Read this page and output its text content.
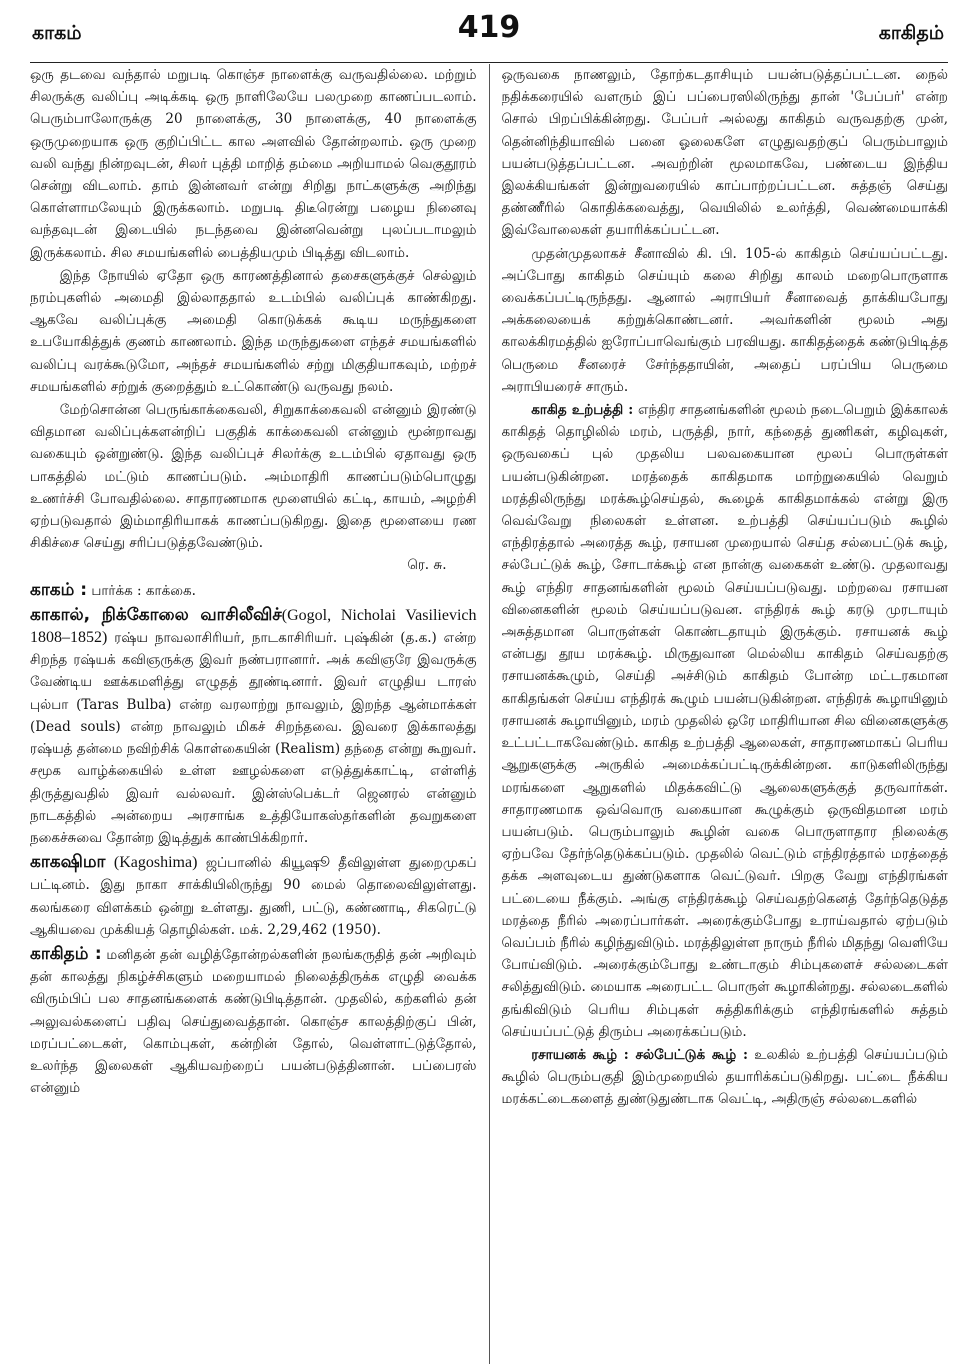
காகம்	419	காகிதம்

ஒரு தடவை வந்தால் மறுபடி கொஞ்ச நாளைக்கு வருவதில்லை. மற்றும் சிலருக்கு வலிப்பு அடிக்கடி ஒரு நாளிலேயே பலமுறை காணப்படலாம். பெரும்பாலோருக்கு 20 நாளைக்கு, 30 நாளைக்கு, 40 நாளைக்கு ஒருமுறையாக ஒரு குறிப்பிட்ட கால அளவில் தோன்றலாம். ஒரு முறை வலி வந்து நின்றவுடன், சிலர் புத்தி மாறித் தம்மை அறியாமல் வெகுதூரம் சென்று விடலாம். தாம் இன்னவர் என்று சிறிது நாட்களுக்கு அறிந்து கொள்ளாமலேயும் இருக்கலாம். மறுபடி திடீரென்று பழைய நினைவு வந்தவுடன் இடையில் நடந்தவை இன்னவென்று புலப்படாமலும் இருக்கலாம். சில சமயங்களில் பைத்தியமும் பிடித்து விடலாம்.

இந்த நோயில் ஏதோ ஒரு காரணத்தினால் தசைகளுக்குச் செல்லும் நரம்புகளில் அமைதி இல்லாததால் உடம்பில் வலிப்புக் காண்கிறது. ஆகவே வலிப்புக்கு அமைதி கொடுக்கக் கூடிய மருந்துகளை உபயோகித்துக் குணம் காணலாம். இந்த மருந்துகளை எந்தச் சமயங்களில் வலிப்பு வரக்கூடுமோ, அந்தச் சமயங்களில் சற்று மிகுதியாகவும், மற்றச் சமயங்களில் சற்றுக் குறைத்தும் உட்கொண்டு வருவது நலம்.

மேற்சொன்ன பெருங்காக்கைவலி, சிறுகாக்கைவலி என்னும் இரண்டு விதமான வலிப்புக்களன்றிப் பகுதிக் காக்கைவலி என்னும் மூன்றாவது வகையும் ஒன்றுண்டு. இந்த வலிப்புச் சிலர்க்கு உடம்பில் ஏதாவது ஒரு பாகத்தில் மட்டும் காணப்படும். அம்மாதிரி காணப்படும்பொழுது உணர்ச்சி போவதில்லை. சாதாரணமாக மூளையில் கட்டி, காயம், அழற்சி ஏற்படுவதால் இம்மாதிரியாகக் காணப்படுகிறது. இதை மூளையை ரண சிகிச்சை செய்து சரிப்படுத்தவேண்டும்.
ரெ. சு.

காகம் : பார்க்க : காக்கை.

காகால், நிக்கோலை வாசிலீவிச்(Gogol, Nicholai Vasilievich 1808–1852) ரஷ்ய நாவலாசிரியர், நாடகாசிரியர். புஷ்கின் (த.க.) என்ற சிறந்த ரஷ்யக் கவிஞருக்கு இவர் நண்பரானார். அக் கவிஞரே இவருக்கு வேண்டிய ஊக்கமளித்து எழுதத் தூண்டினார். இவர் எழுதிய டாரஸ் புல்பா (Taras Bulba) என்ற வரலாற்று நாவலும், இறந்த ஆன்மாக்கள் (Dead souls) என்ற நாவலும் மிகச் சிறந்தவை. இவரை இக்காலத்து ரஷ்யத் தன்மை நவிற்சிக் கொள்கையின் (Realism) தந்தை என்று கூறுவர். சமூக வாழ்க்கையில் உள்ள ஊழல்களை எடுத்துக்காட்டி, எள்ளித் திருத்துவதில் இவர் வல்லவர். இன்ஸ்பெக்டர் ஜெனரல் என்னும் நாடகத்தில் அன்றைய அரசாங்க உத்தியோகஸ்தர்களின் தவறுகளை நகைச்சுவை தோன்ற இடித்துக் காண்பிக்கிறார்.

காகஷிமா (Kagoshima) ஜப்பானில் கியூஷூ தீவிலுள்ள துறைமுகப் பட்டினம். இது நாகா சாக்கியிலிருந்து 90 மைல் தொலைவிலுள்ளது. கலங்கரை விளக்கம் ஒன்று உள்ளது. துணி, பட்டு, கண்ணாடி, சிகரெட்டு ஆகியவை முக்கியத் தொழில்கள். மக். 2,29,462 (1950).

காகிதம் : மனிதன் தன் வழித்தோன்றல்களின் நலங்கருதித் தன் அறிவும் தன் காலத்து நிகழ்ச்சிகளும் மறையாமல் நிலைத்திருக்க எழுதி வைக்க விரும்பிப் பல சாதனங்களைக் கண்டுபிடித்தான். முதலில், கற்களில் தன் அலுவல்களைப் பதிவு செய்துவைத்தான். கொஞ்ச காலத்திற்குப் பின், மரப்பட்டைகள், கொம்புகள், கன்றின் தோல், வெள்ளாட்டுத்தோல், உலர்ந்த இலைகள் ஆகியவற்றைப் பயன்படுத்தினான். பப்பைரஸ் என்னும்

ஒருவகை நாணலும், தோற்கடதாசியும் பயன்படுத்தப்பட்டன. நைல் நதிக்கரையில் வளரும் இப் பப்பைரஸிலிருந்து தான் 'பேப்பர்' என்ற சொல் பிறப்பிக்கின்றது. பேப்பர் அல்லது காகிதம் வருவதற்கு முன், தென்னிந்தியாவில் பனை ஓலைகளே எழுதுவதற்குப் பெரும்பாலும் பயன்படுத்தப்பட்டன. அவற்றின் மூலமாகவே, பண்டைய இந்திய இலக்கியங்கள் இன்றுவரையில் காப்பாற்றப்பட்டன. சுத்தஞ் செய்து தண்ணீரில் கொதிக்கவைத்து, வெயிலில் உலர்த்தி, வெண்மையாக்கி இவ்வோலைகள் தயாரிக்கப்பட்டன.

முதன்முதலாகச் சீனாவில் கி. பி. 105-ல் காகிதம் செய்யப்பட்டது. அப்போது காகிதம் செய்யும் கலை சிறிது காலம் மறைபொருளாக வைக்கப்பட்டிருந்தது. ஆனால் அராபியர் சீனாவைத் தாக்கியபோது அக்கலையைக் கற்றுக்கொண்டனர். அவர்களின் மூலம் அது காலக்கிரமத்தில் ஐரோப்பாவெங்கும் பரவியது. காகிதத்தைக் கண்டுபிடித்த பெருமை சீனரைச் சேர்ந்ததாயின், அதைப் பரப்பிய பெருமை அராபியரைச் சாரும்.

காகித உற்பத்தி : எந்திர சாதனங்களின் மூலம் நடைபெறும் இக்காலக் காகிதத் தொழிலில் மரம், பருத்தி, நார், கந்தைத் துணிகள், கழிவுகள், ஒருவகைப் புல் முதலிய பலவகையான மூலப் பொருள்கள் பயன்படுகின்றன. மரத்தைக் காகிதமாக மாற்றுகையில் வெறும் மரத்திலிருந்து மரக்கூழ்செய்தல், கூழைக் காகிதமாக்கல் என்று இரு வெவ்வேறு நிலைகள் உள்ளன. உற்பத்தி செய்யப்படும் கூழில் எந்திரத்தால் அரைத்த கூழ், ரசாயன முறையால் செய்த சல்பைட்டுக் கூழ், சல்பேட்டுக் கூழ், சோடாக்கூழ் என நான்கு வகைகள் உண்டு. முதலாவது கூழ் எந்திர சாதனங்களின் மூலம் செய்யப்படுவது. மற்றவை ரசாயன வினைகளின் மூலம் செய்யப்படுவன. எந்திரக் கூழ் கரடு முரடாயும் அசுத்தமான பொருள்கள் கொண்டதாயும் இருக்கும். ரசாயனக் கூழ் என்பது தூய மரக்கூழ். மிருதுவான மெல்லிய காகிதம் செய்வதற்கு ரசாயனக்கூழும், செய்தி அச்சிடும் காகிதம் போன்ற மட்டரகமான காகிதங்கள் செய்ய எந்திரக் கூழும் பயன்படுகின்றன. எந்திரக் கூழாயினும் ரசாயனக் கூழாயினும், மரம் முதலில் ஒரே மாதிரியான சில வினைகளுக்கு உட்பட்டாகவேண்டும். காகித உற்பத்தி ஆலைகள், சாதாரணமாகப் பெரிய ஆறுகளுக்கு அருகில் அமைக்கப்பட்டிருக்கின்றன. காடுகளிலிருந்து மரங்களை ஆறுகளில் மிதக்கவிட்டு ஆலைகளுக்குத் தருவார்கள். சாதாரணமாக ஒவ்வொரு வகையான கூழுக்கும் ஒருவிதமான மரம் பயன்படும். பெரும்பாலும் கூழின் வகை பொருளாதார நிலைக்கு ஏற்பவே தேர்ந்தெடுக்கப்படும். முதலில் வெட்டும் எந்திரத்தால் மரத்தைத் தக்க அளவுடைய துண்டுகளாக வெட்டுவர். பிறகு வேறு எந்திரங்கள் பட்டையை நீக்கும். அங்கு எந்திரக்கூழ் செய்வதற்கெனத் தேர்ந்தெடுத்த மரத்தை நீரில் அரைப்பார்கள். அரைக்கும்போது உராய்வதால் ஏற்படும் வெப்பம் நீரில் கழிந்துவிடும். மரத்திலுள்ள நாரும் நீரில் மிதந்து வெளியே போய்விடும். அரைக்கும்போது உண்டாகும் சிம்புகளைச் சல்லடைகள் சலித்துவிடும். மையாக அரைபட்ட பொருள் கூழாகின்றது. சல்லடைகளில் தங்கிவிடும் பெரிய சிம்புகள் சுத்திகரிக்கும் எந்திரங்களில் சுத்தம் செய்யப்பட்டுத் திரும்ப அரைக்கப்படும்.

ரசாயனக் கூழ் : சல்பேட்டுக் கூழ் : உலகில் உற்பத்தி செய்யப்படும் கூழில் பெரும்பகுதி இம்முறையில் தயாரிக்கப்படுகிறது. பட்டை நீக்கிய மரக்கட்டைகளைத் துண்டுதுண்டாக வெட்டி, அதிருஞ் சல்லடைகளில்
